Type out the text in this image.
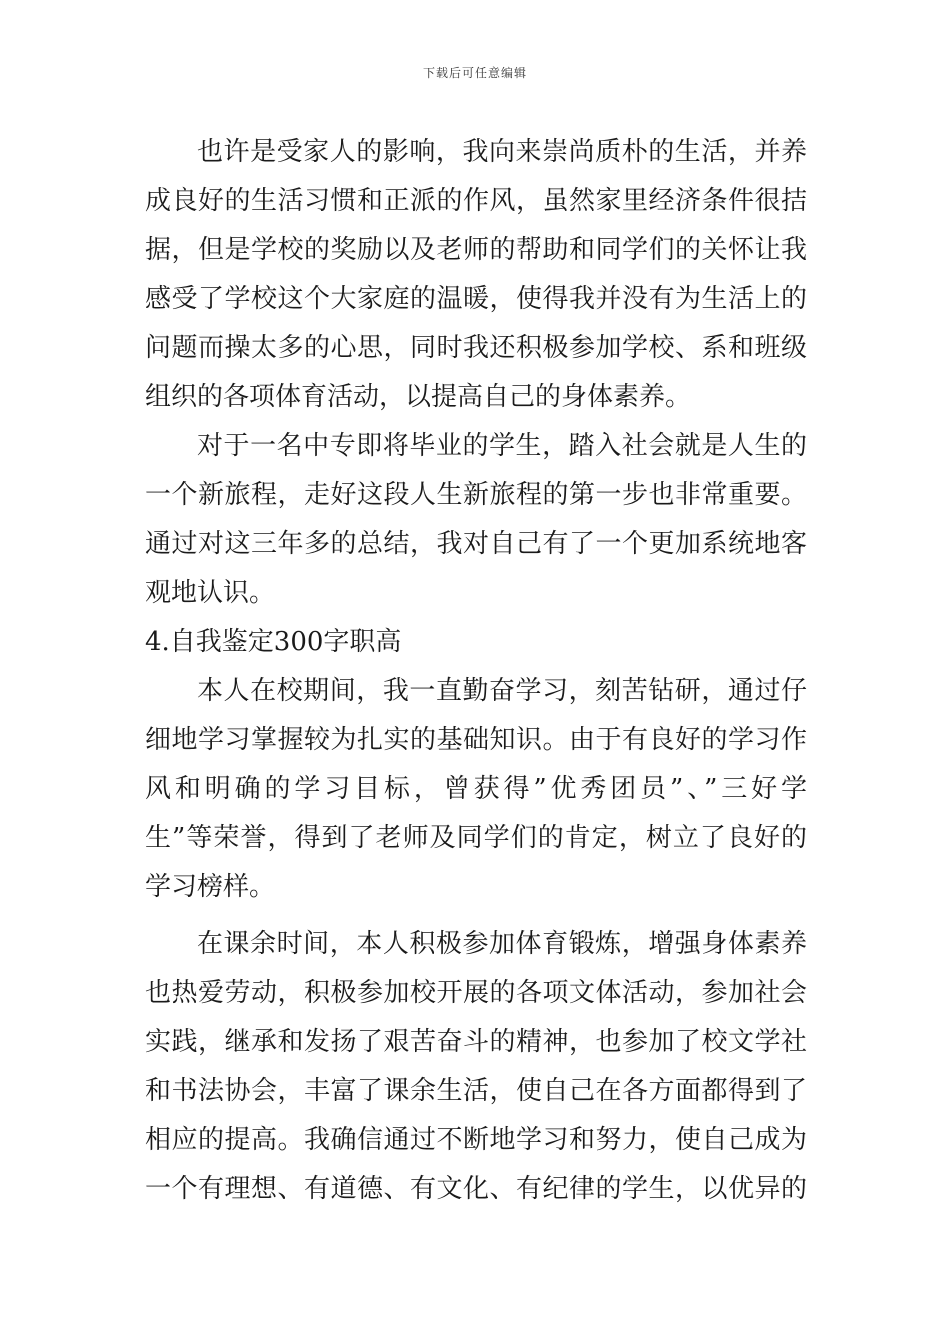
下载后可任意编辑
也许是受家人的影响，我向来崇尚质朴的生活，并养
成良好的生活习惯和正派的作风，虽然家里经济条件很拮
据，但是学校的奖励以及老师的帮助和同学们的关怀让我
感受了学校这个大家庭的温暖，使得我并没有为生活上的
问题而操太多的心思，同时我还积极参加学校、系和班级
组织的各项体育活动，以提高自己的身体素养。
对于一名中专即将毕业的学生，踏入社会就是人生的
一个新旅程，走好这段人生新旅程的第一步也非常重要。
通过对这三年多的总结，我对自己有了一个更加系统地客
观地认识。
4.自我鉴定300字职高
本人在校期间，我一直勤奋学习，刻苦钻研，通过仔
细地学习掌握较为扎实的基础知识。由于有良好的学习作
风和明确的学习目标，曾获得”优秀团员”、”三好学
生”等荣誉，得到了老师及同学们的肯定，树立了良好的
学习榜样。
在课余时间，本人积极参加体育锻炼，增强身体素养
也热爱劳动，积极参加校开展的各项文体活动，参加社会
实践，继承和发扬了艰苦奋斗的精神，也参加了校文学社
和书法协会，丰富了课余生活，使自己在各方面都得到了
相应的提高。我确信通过不断地学习和努力，使自己成为
一个有理想、有道德、有文化、有纪律的学生，以优异的
